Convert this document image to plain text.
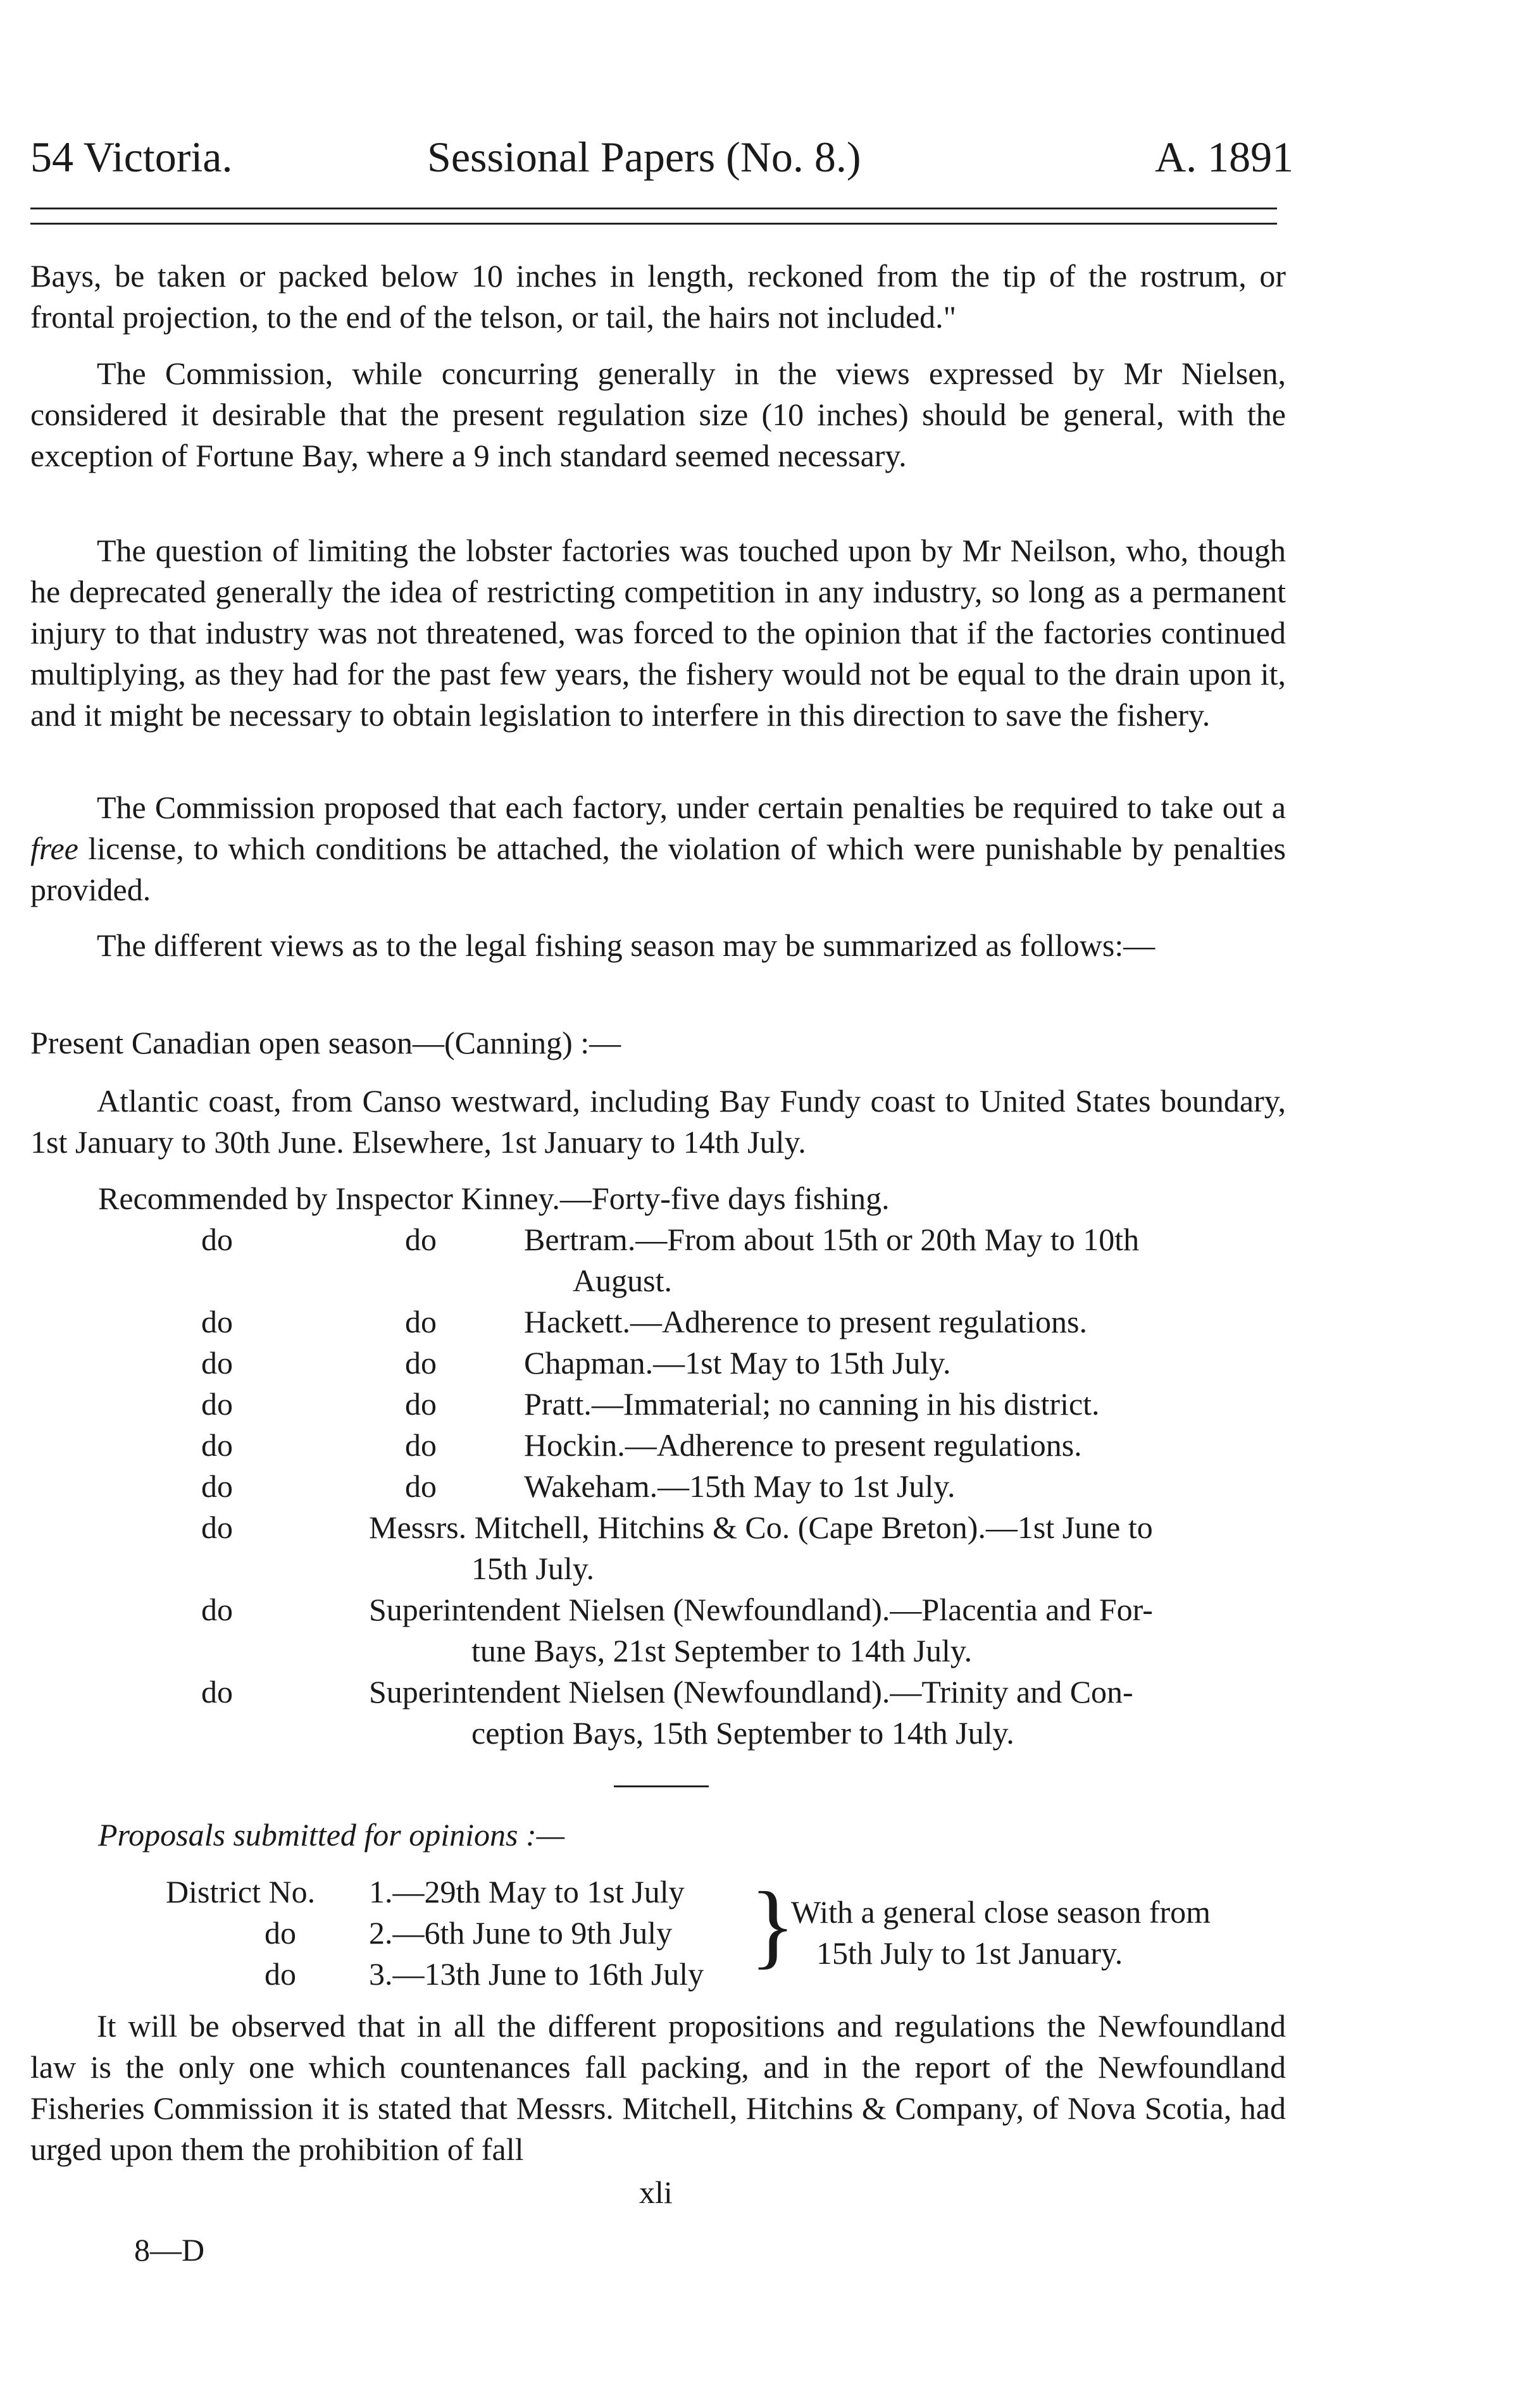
54 Victoria.	Sessional Papers (No. 8.)	A. 1891
Bays, be taken or packed below 10 inches in length, reckoned from the tip of the rostrum, or frontal projection, to the end of the telson, or tail, the hairs not included."
The Commission, while concurring generally in the views expressed by Mr Nielsen, considered it desirable that the present regulation size (10 inches) should be general, with the exception of Fortune Bay, where a 9 inch standard seemed necessary.
The question of limiting the lobster factories was touched upon by Mr Neilson, who, though he deprecated generally the idea of restricting competition in any industry, so long as a permanent injury to that industry was not threatened, was forced to the opinion that if the factories continued multiplying, as they had for the past few years, the fishery would not be equal to the drain upon it, and it might be necessary to obtain legislation to interfere in this direction to save the fishery.
The Commission proposed that each factory, under certain penalties be required to take out a free license, to which conditions be attached, the violation of which were punishable by penalties provided.
The different views as to the legal fishing season may be summarized as follows:—
Present Canadian open season—(Canning) :—
Atlantic coast, from Canso westward, including Bay Fundy coast to United States boundary, 1st January to 30th June. Elsewhere, 1st January to 14th July.
Recommended by Inspector Kinney.—Forty-five days fishing.
do	do	Bertram.—From about 15th or 20th May to 10th
August.
do	do	Hackett.—Adherence to present regulations.
do	do	Chapman.—1st May to 15th July.
do	do	Pratt.—Immaterial; no canning in his district.
do	do	Hockin.—Adherence to present regulations.
do	do	Wakeham.—15th May to 1st July.
do	Messrs. Mitchell, Hitchins & Co. (Cape Breton).—1st June to
15th July.
do	Superintendent Nielsen (Newfoundland).—Placentia and For-
tune Bays, 21st September to 14th July.
do	Superintendent Nielsen (Newfoundland).—Trinity and Con-
ception Bays, 15th September to 14th July.
Proposals submitted for opinions :—
District No. 1.—29th May to 1st July
do 2.—6th June to 9th July
do 3.—13th June to 16th July }
With a general close season from
15th July to 1st January.
It will be observed that in all the different propositions and regulations the Newfoundland law is the only one which countenances fall packing, and in the report of the Newfoundland Fisheries Commission it is stated that Messrs. Mitchell, Hitchins & Company, of Nova Scotia, had urged upon them the prohibition of fall
xli
8—D
